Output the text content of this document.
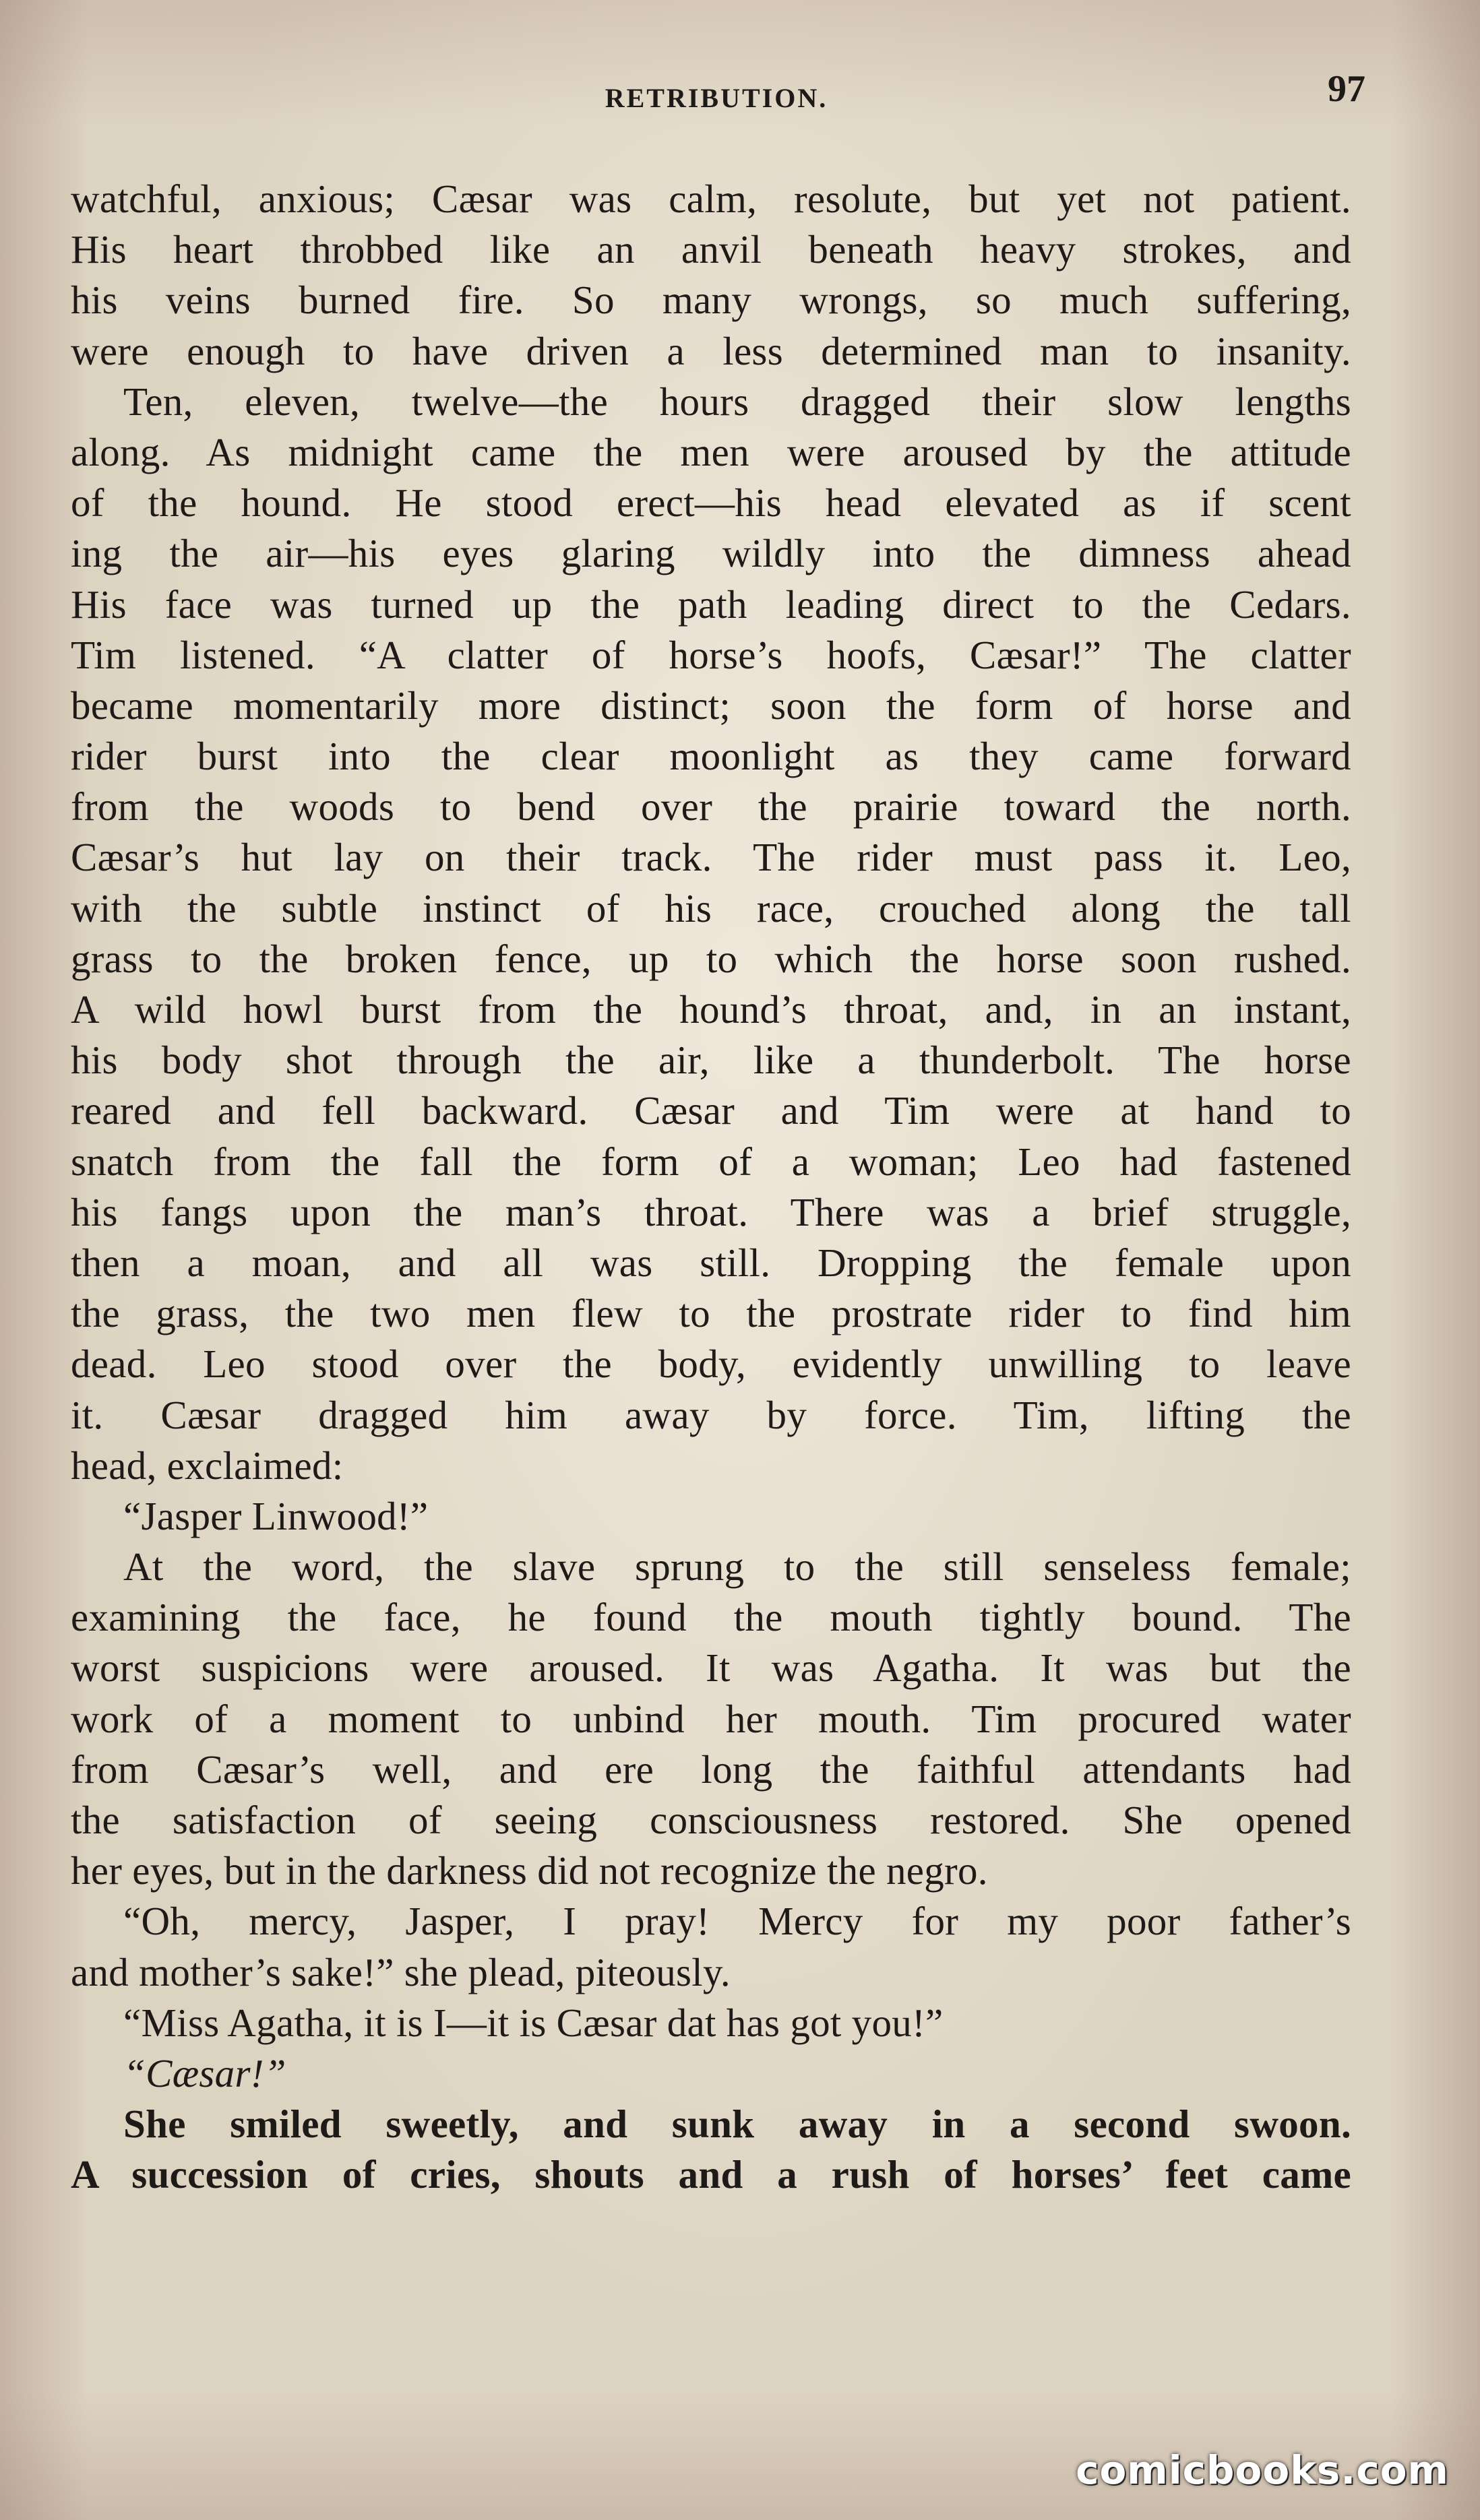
RETRIBUTION.	97
watchful, anxious; Cæsar was calm, resolute, but yet not patient.
His heart throbbed like an anvil beneath heavy strokes, and
his veins burned fire. So many wrongs, so much suffering,
were enough to have driven a less determined man to insanity.
Ten, eleven, twelve—the hours dragged their slow lengths
along. As midnight came the men were aroused by the attitude
of the hound. He stood erect—his head elevated as if scent
ing the air—his eyes glaring wildly into the dimness ahead
His face was turned up the path leading direct to the Cedars.
Tim listened. “A clatter of horse’s hoofs, Cæsar!” The clatter
became momentarily more distinct; soon the form of horse and
rider burst into the clear moonlight as they came forward
from the woods to bend over the prairie toward the north.
Cæsar’s hut lay on their track. The rider must pass it. Leo,
with the subtle instinct of his race, crouched along the tall
grass to the broken fence, up to which the horse soon rushed.
A wild howl burst from the hound’s throat, and, in an instant,
his body shot through the air, like a thunderbolt. The horse
reared and fell backward. Cæsar and Tim were at hand to
snatch from the fall the form of a woman; Leo had fastened
his fangs upon the man’s throat. There was a brief struggle,
then a moan, and all was still. Dropping the female upon
the grass, the two men flew to the prostrate rider to find him
dead. Leo stood over the body, evidently unwilling to leave
it. Cæsar dragged him away by force. Tim, lifting the
head, exclaimed:
“Jasper Linwood!”
At the word, the slave sprung to the still senseless female;
examining the face, he found the mouth tightly bound. The
worst suspicions were aroused. It was Agatha. It was but the
work of a moment to unbind her mouth. Tim procured water
from Cæsar’s well, and ere long the faithful attendants had
the satisfaction of seeing consciousness restored. She opened
her eyes, but in the darkness did not recognize the negro.
“Oh, mercy, Jasper, I pray! Mercy for my poor father’s
and mother’s sake!” she plead, piteously.
“Miss Agatha, it is I—it is Cæsar dat has got you!”
“Cæsar!”
She smiled sweetly, and sunk away in a second swoon.
A succession of cries, shouts and a rush of horses’ feet came
comicbooks.com
